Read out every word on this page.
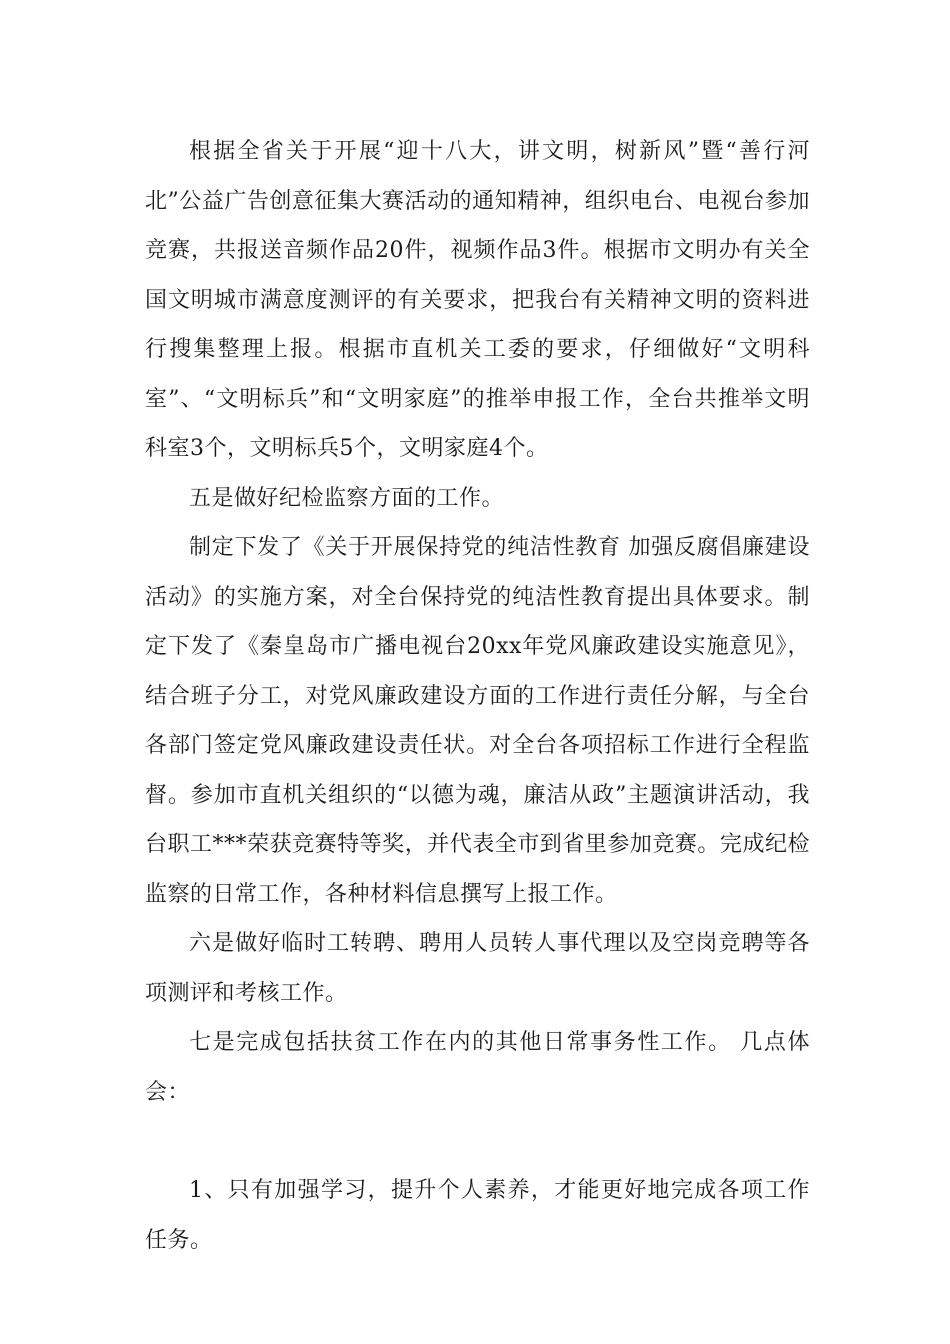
根据全省关于开展“迎十八大，讲文明，树新风”暨“善行河北”公益广告创意征集大赛活动的通知精神，组织电台、电视台参加竞赛，共报送音频作品20件，视频作品3件。根据市文明办有关全国文明城市满意度测评的有关要求，把我台有关精神文明的资料进行搜集整理上报。根据市直机关工委的要求，仔细做好“文明科室”、“文明标兵”和“文明家庭”的推举申报工作，全台共推举文明科室3个，文明标兵5个，文明家庭4个。

五是做好纪检监察方面的工作。

制定下发了《关于开展保持党的纯洁性教育 加强反腐倡廉建设活动》的实施方案，对全台保持党的纯洁性教育提出具体要求。制定下发了《秦皇岛市广播电视台20xx年党风廉政建设实施意见》，结合班子分工，对党风廉政建设方面的工作进行责任分解，与全台各部门签定党风廉政建设责任状。对全台各项招标工作进行全程监督。参加市直机关组织的“以德为魂，廉洁从政”主题演讲活动，我台职工***荣获竞赛特等奖，并代表全市到省里参加竞赛。完成纪检监察的日常工作，各种材料信息撰写上报工作。

六是做好临时工转聘、聘用人员转人事代理以及空岗竞聘等各项测评和考核工作。

七是完成包括扶贫工作在内的其他日常事务性工作。 几点体会：

1、只有加强学习，提升个人素养，才能更好地完成各项工作任务。
